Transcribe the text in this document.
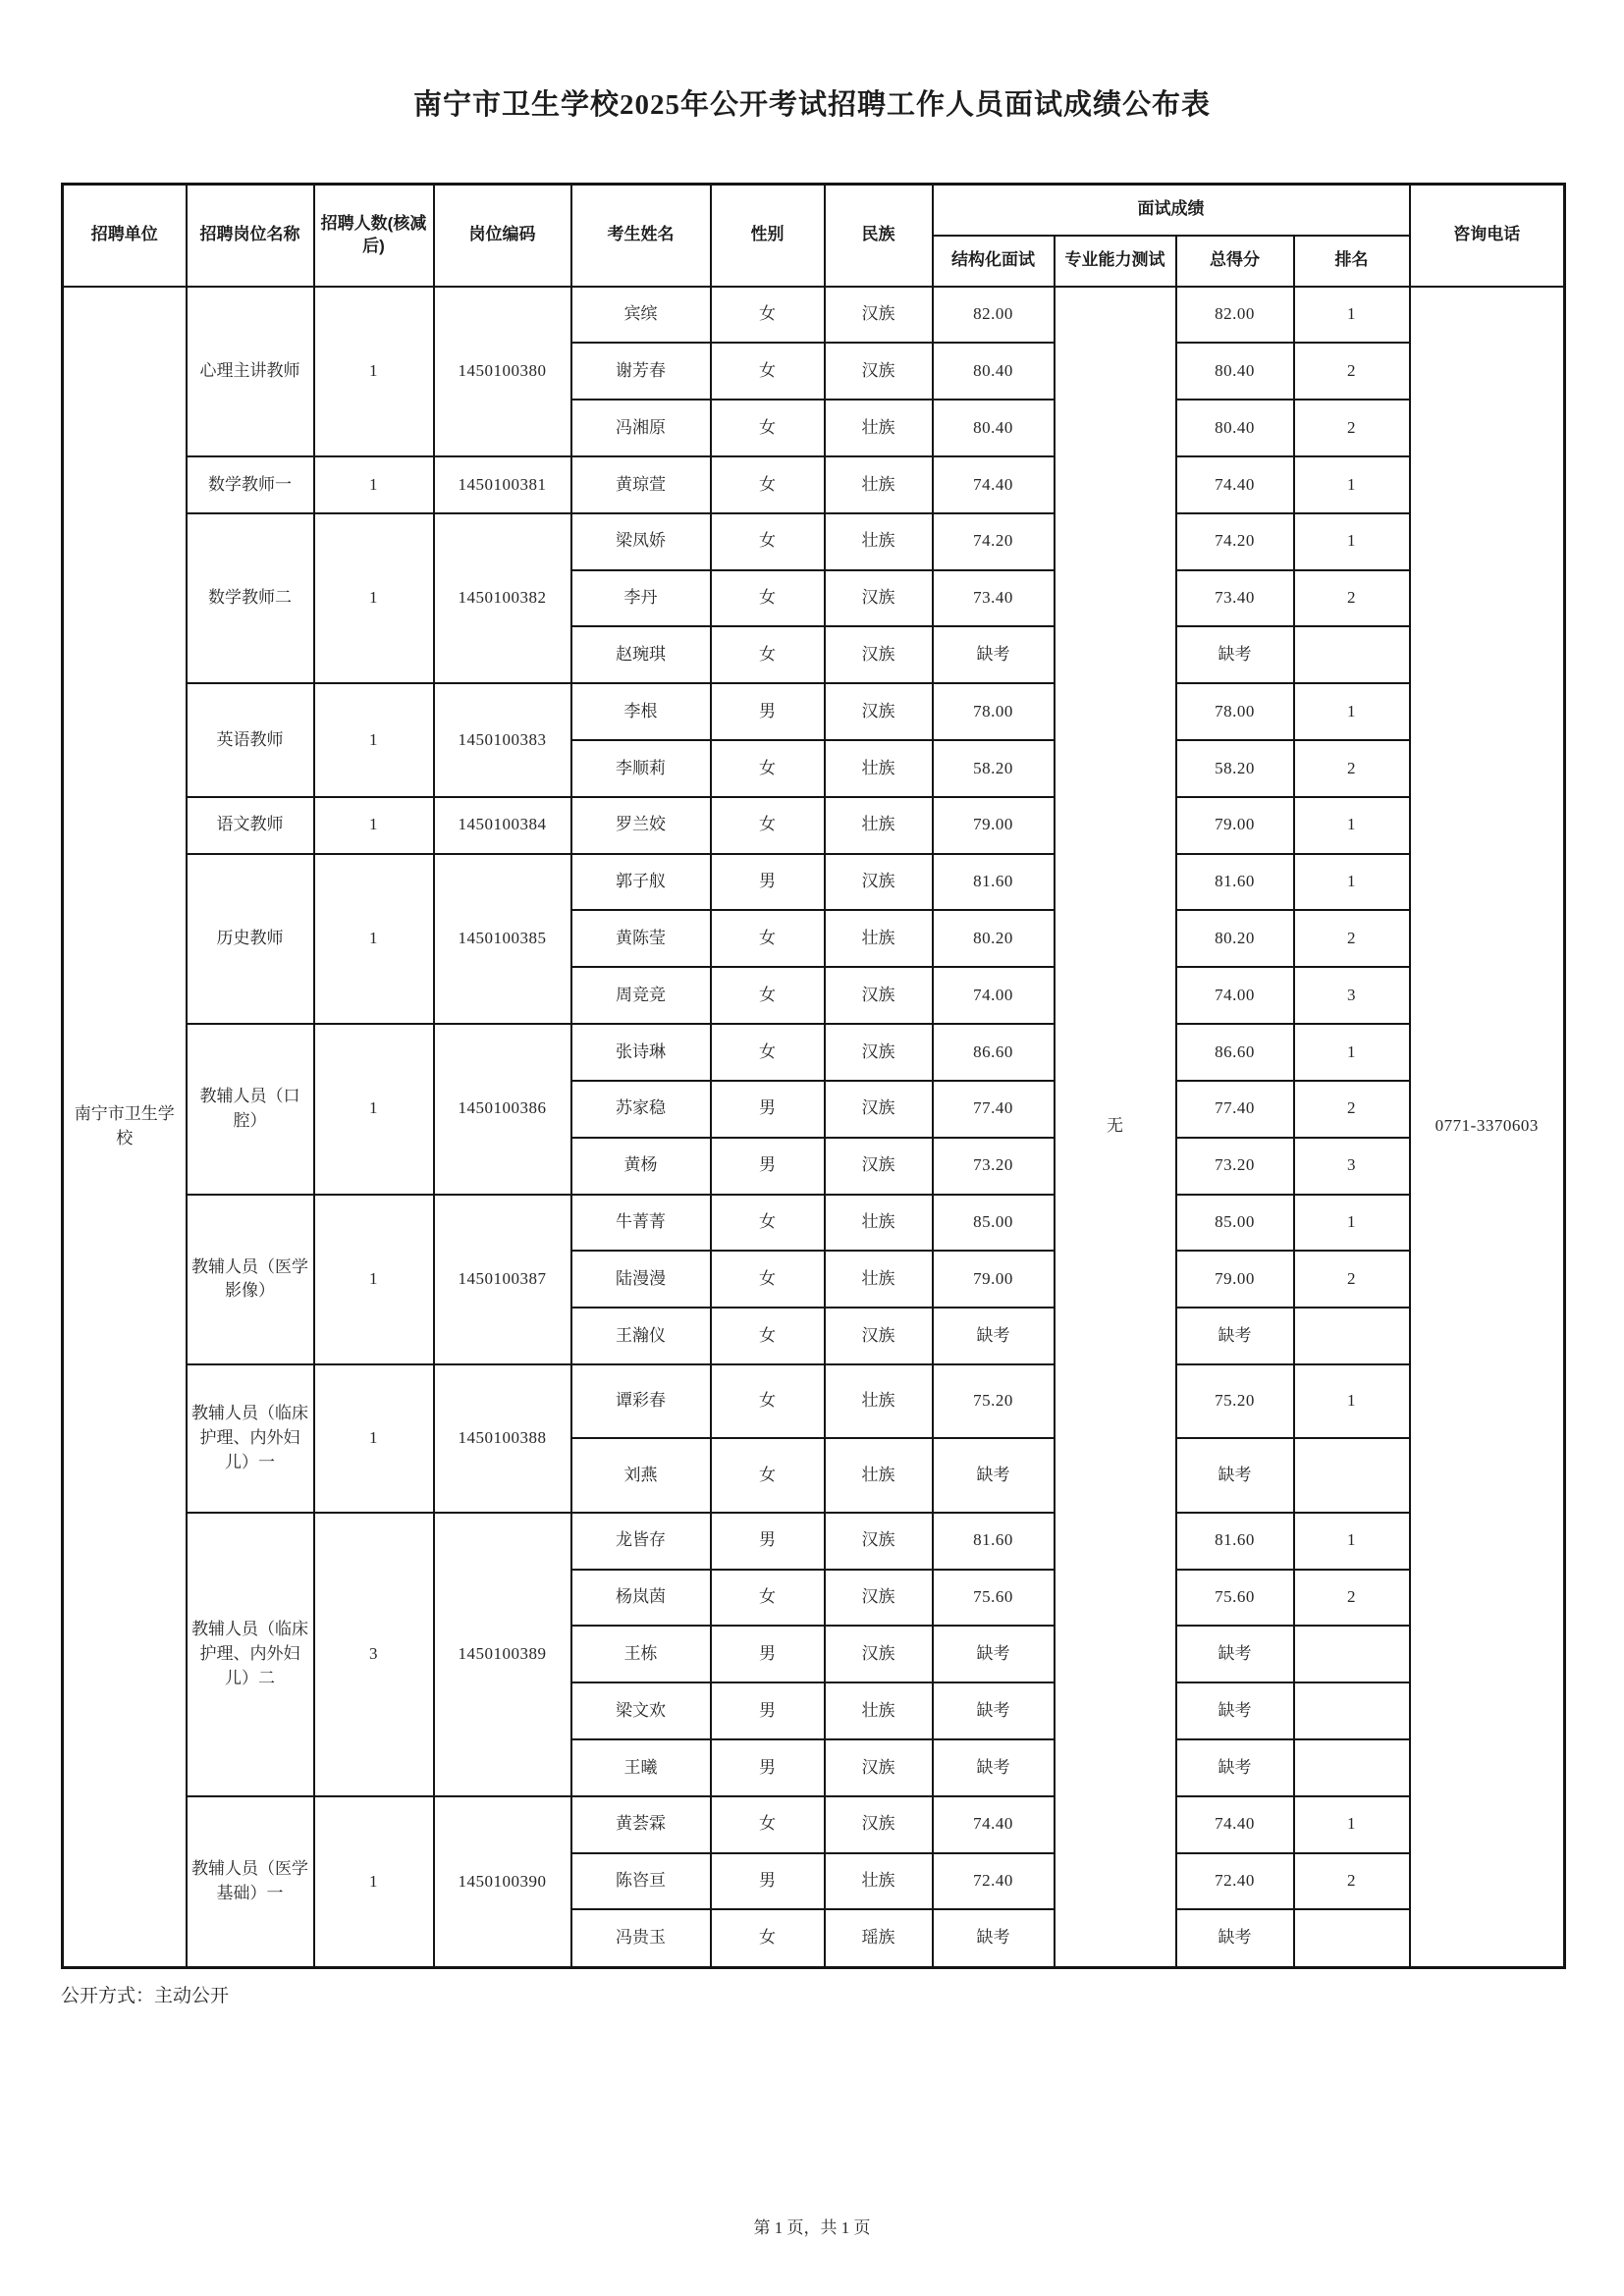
南宁市卫生学校2025年公开考试招聘工作人员面试成绩公布表
招聘单位	招聘岗位名称	招聘人数(核减后)	岗位编码	考生姓名	性别	民族	面试成绩				咨询电话
							结构化面试	专业能力测试	总得分	排名	
南宁市卫生学校	心理主讲教师	1	1450100380	宾缤	女	汉族	82.00	无	82.00	1	0771-3370603
				谢芳春	女	汉族	80.40		80.40	2	
				冯湘原	女	壮族	80.40		80.40	2	
	数学教师一	1	1450100381	黄琼萱	女	壮族	74.40		74.40	1	
	数学教师二	1	1450100382	梁凤娇	女	壮族	74.20		74.20	1	
				李丹	女	汉族	73.40		73.40	2	
				赵琬琪	女	汉族	缺考		缺考		
	英语教师	1	1450100383	李根	男	汉族	78.00		78.00	1	
				李顺莉	女	壮族	58.20		58.20	2	
	语文教师	1	1450100384	罗兰姣	女	壮族	79.00		79.00	1	
	历史教师	1	1450100385	郭子舣	男	汉族	81.60		81.60	1	
				黄陈莹	女	壮族	80.20		80.20	2	
				周竞竞	女	汉族	74.00		74.00	3	
	教辅人员（口腔）	1	1450100386	张诗琳	女	汉族	86.60		86.60	1	
				苏家稳	男	汉族	77.40		77.40	2	
				黄杨	男	汉族	73.20		73.20	3	
	教辅人员（医学影像）	1	1450100387	牛菁菁	女	壮族	85.00		85.00	1	
				陆漫漫	女	壮族	79.00		79.00	2	
				王瀚仪	女	汉族	缺考		缺考		
	教辅人员（临床护理、内外妇儿）一	1	1450100388	谭彩春	女	壮族	75.20		75.20	1	
				刘燕	女	壮族	缺考		缺考		
	教辅人员（临床护理、内外妇儿）二	3	1450100389	龙皆存	男	汉族	81.60		81.60	1	
				杨岚茵	女	汉族	75.60		75.60	2	
				王栋	男	汉族	缺考		缺考		
				梁文欢	男	壮族	缺考		缺考		
				王曦	男	汉族	缺考		缺考		
	教辅人员（医学基础）一	1	1450100390	黄荟霖	女	汉族	74.40		74.40	1	
				陈咨亘	男	壮族	72.40		72.40	2	
				冯贵玉	女	瑶族	缺考		缺考		
公开方式：主动公开
第 1 页，共 1 页
